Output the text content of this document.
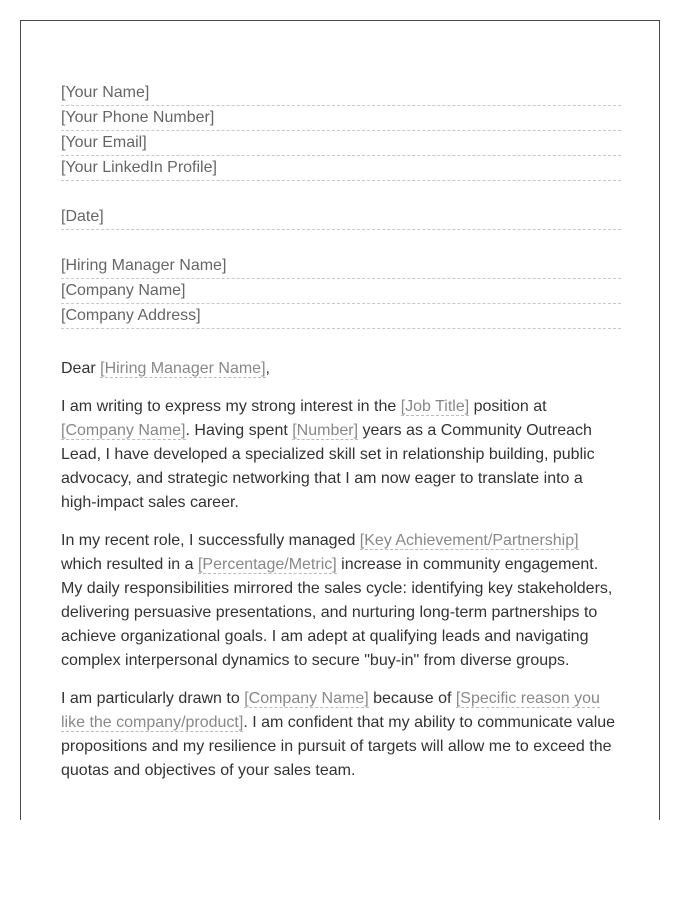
[Your Name]
[Your Phone Number]
[Your Email]
[Your LinkedIn Profile]
[Date]
[Hiring Manager Name]
[Company Name]
[Company Address]
Dear [Hiring Manager Name],

I am writing to express my strong interest in the [Job Title] position at [Company Name]. Having spent [Number] years as a Community Outreach Lead, I have developed a specialized skill set in relationship building, public advocacy, and strategic networking that I am now eager to translate into a high-impact sales career.

In my recent role, I successfully managed [Key Achievement/Partnership] which resulted in a [Percentage/Metric] increase in community engagement. My daily responsibilities mirrored the sales cycle: identifying key stakeholders, delivering persuasive presentations, and nurturing long-term partnerships to achieve organizational goals. I am adept at qualifying leads and navigating complex interpersonal dynamics to secure "buy-in" from diverse groups.

I am particularly drawn to [Company Name] because of [Specific reason you like the company/product]. I am confident that my ability to communicate value propositions and my resilience in pursuit of targets will allow me to exceed the quotas and objectives of your sales team.
